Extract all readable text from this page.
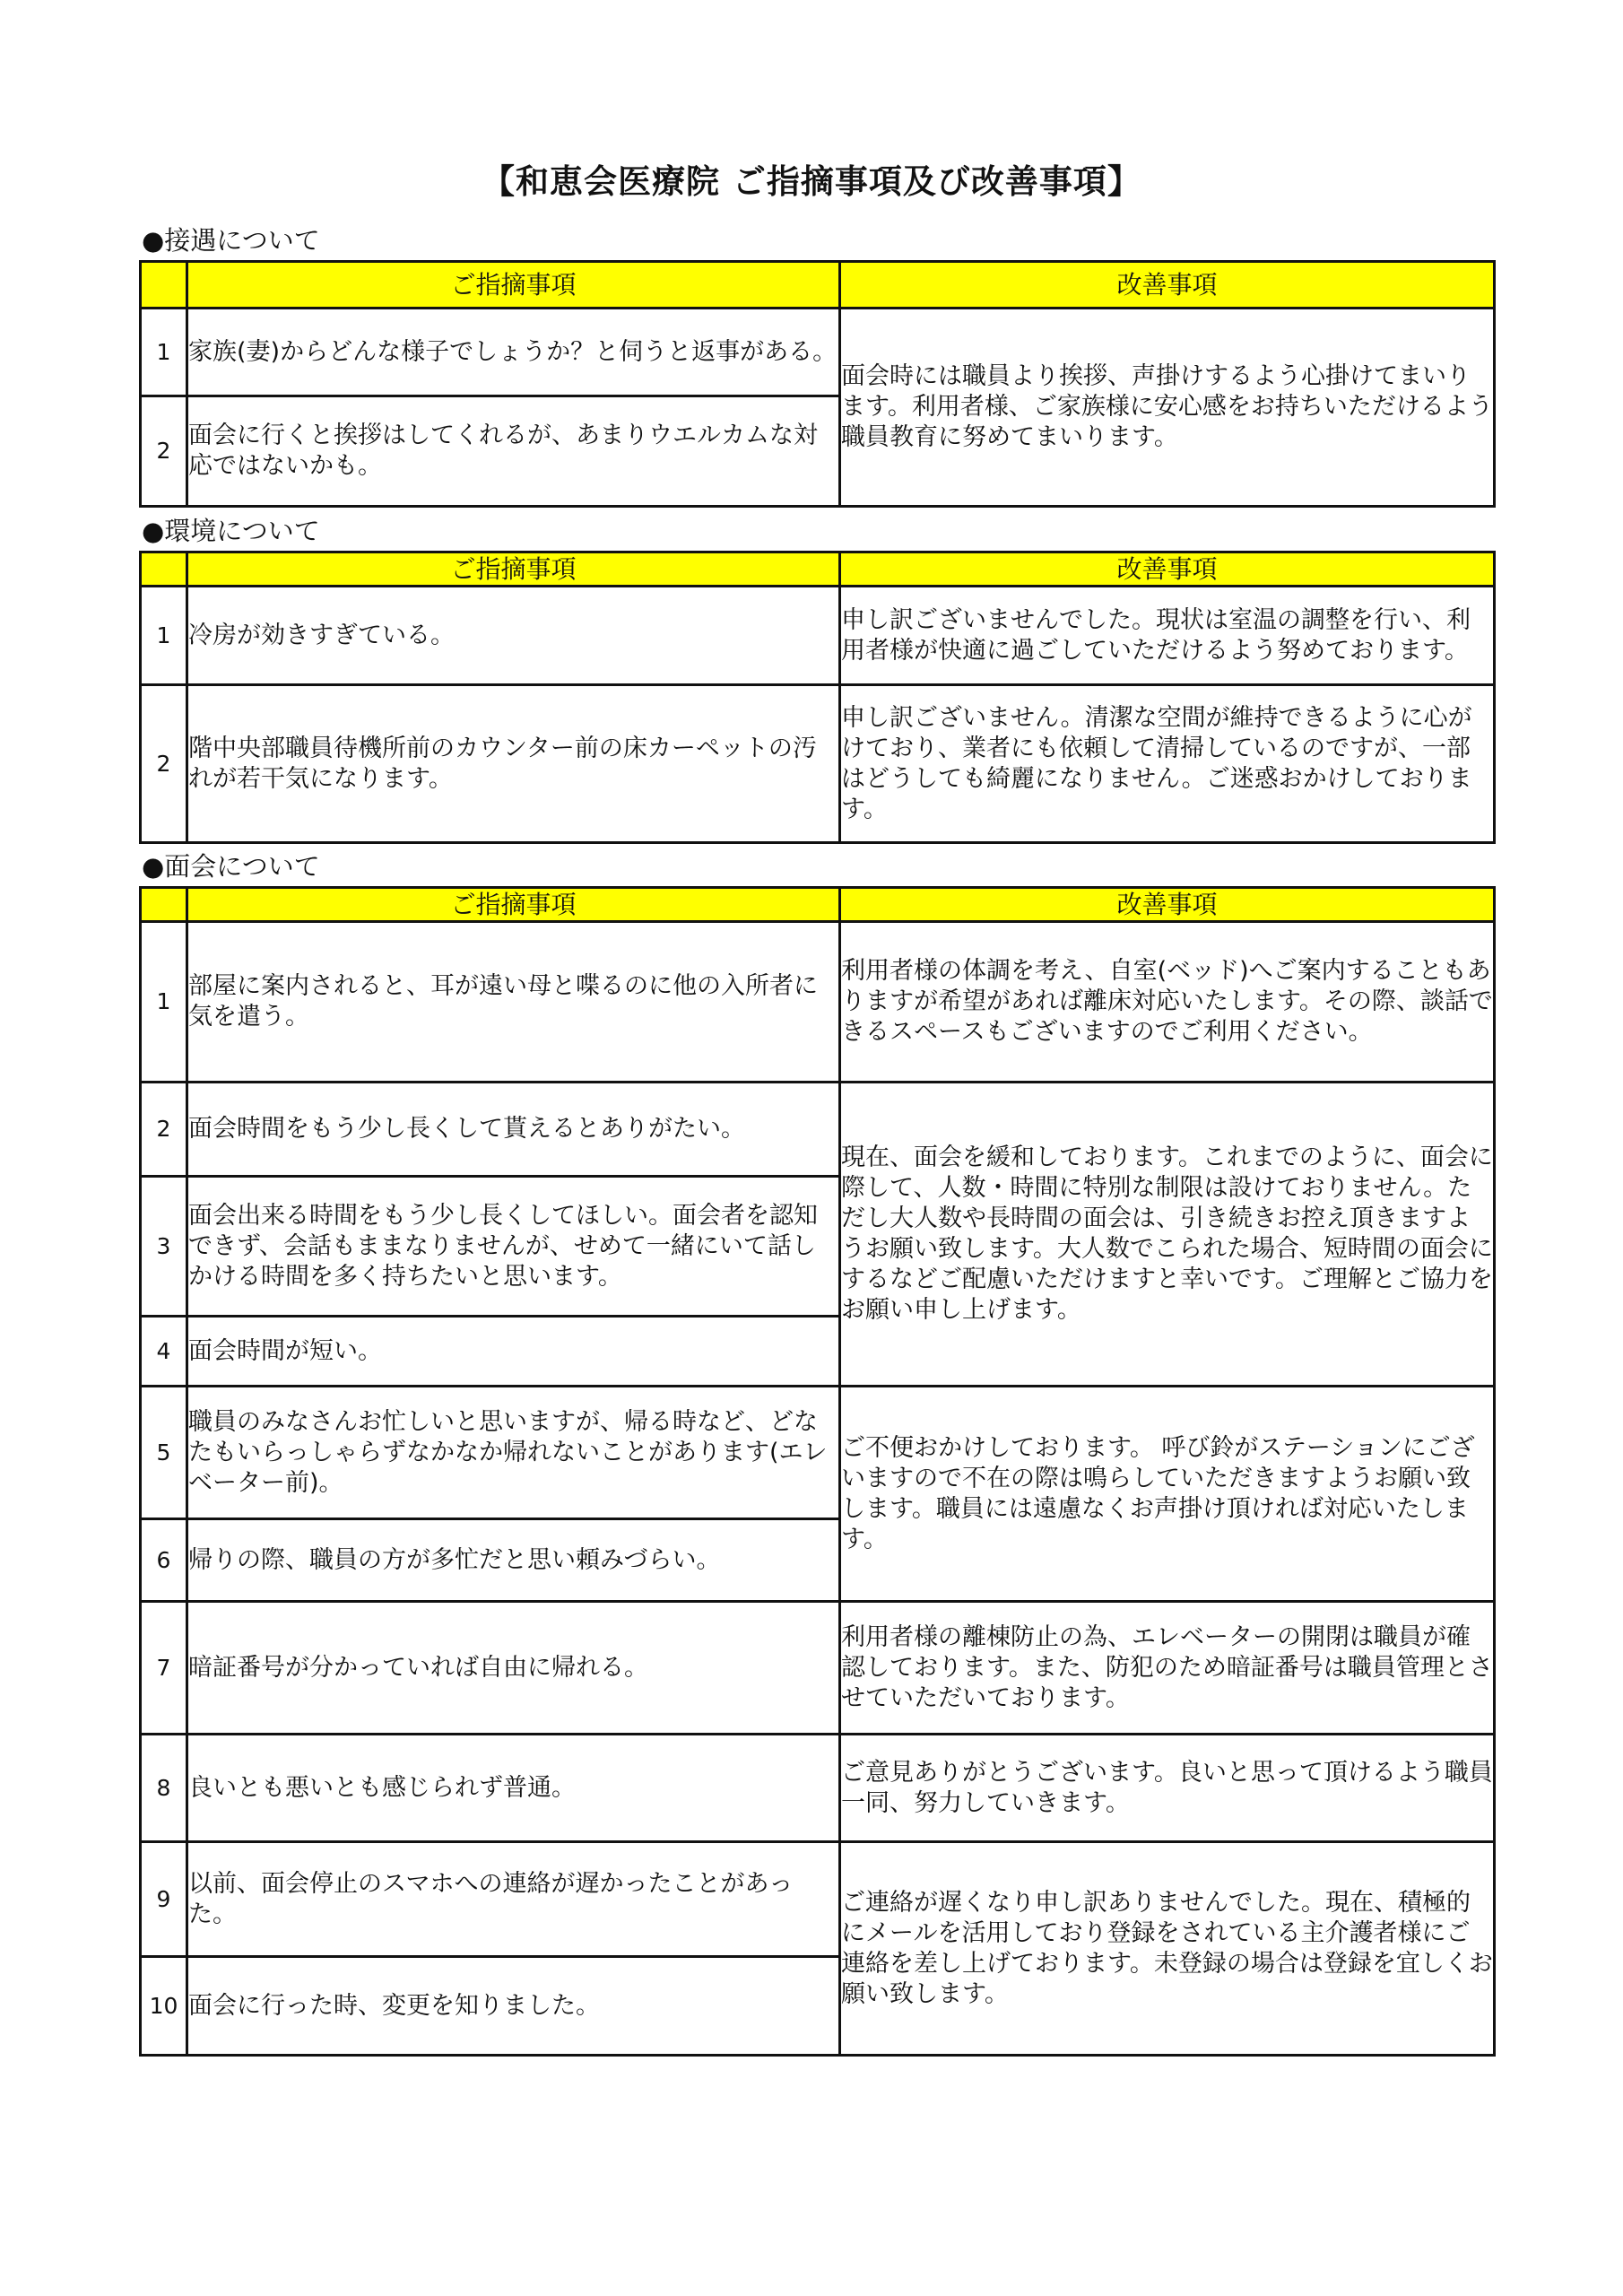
【和恵会医療院 ご指摘事項及び改善事項】
●接遇について
	ご指摘事項	改善事項
1	家族(妻)からどんな様子でしょうか？と伺うと返事がある。	面会時には職員より挨拶、声掛けするよう心掛けてまいります。利用者様、ご家族様に安心感をお持ちいただけるよう職員教育に努めてまいります。
2	面会に行くと挨拶はしてくれるが、あまりウエルカムな対応ではないかも。	
●環境について
	ご指摘事項	改善事項
1	冷房が効きすぎている。	申し訳ございませんでした。現状は室温の調整を行い、利用者様が快適に過ごしていただけるよう努めております。
2	階中央部職員待機所前のカウンター前の床カーペットの汚れが若干気になります。	申し訳ございません。清潔な空間が維持できるように心がけており、業者にも依頼して清掃しているのですが、一部はどうしても綺麗になりません。ご迷惑おかけしております。
●面会について
	ご指摘事項	改善事項
1	部屋に案内されると、耳が遠い母と喋るのに他の入所者に気を遣う。	利用者様の体調を考え、自室(ベッド)へご案内することもありますが希望があれば離床対応いたします。その際、談話できるスペースもございますのでご利用ください。
2	面会時間をもう少し長くして貰えるとありがたい。	現在、面会を緩和しております。これまでのように、面会に際して、人数・時間に特別な制限は設けておりません。ただし大人数や長時間の面会は、引き続きお控え頂きますようお願い致します。大人数でこられた場合、短時間の面会にするなどご配慮いただけますと幸いです。ご理解とご協力をお願い申し上げます。
3	面会出来る時間をもう少し長くしてほしい。面会者を認知できず、会話もままなりませんが、せめて一緒にいて話しかける時間を多く持ちたいと思います。	
4	面会時間が短い。	
5	職員のみなさんお忙しいと思いますが、帰る時など、どなたもいらっしゃらずなかなか帰れないことがあります(エレベーター前)。	ご不便おかけしております。 呼び鈴がステーションにございますので不在の際は鳴らしていただきますようお願い致します。職員には遠慮なくお声掛け頂ければ対応いたします。
6	帰りの際、職員の方が多忙だと思い頼みづらい。	
7	暗証番号が分かっていれば自由に帰れる。	利用者様の離棟防止の為、エレベーターの開閉は職員が確認しております。また、防犯のため暗証番号は職員管理とさせていただいております。
8	良いとも悪いとも感じられず普通。	ご意見ありがとうございます。良いと思って頂けるよう職員一同、努力していきます。
9	以前、面会停止のスマホへの連絡が遅かったことがあった。	ご連絡が遅くなり申し訳ありませんでした。現在、積極的にメールを活用しており登録をされている主介護者様にご連絡を差し上げております。未登録の場合は登録を宜しくお願い致します。
10	面会に行った時、変更を知りました。	
